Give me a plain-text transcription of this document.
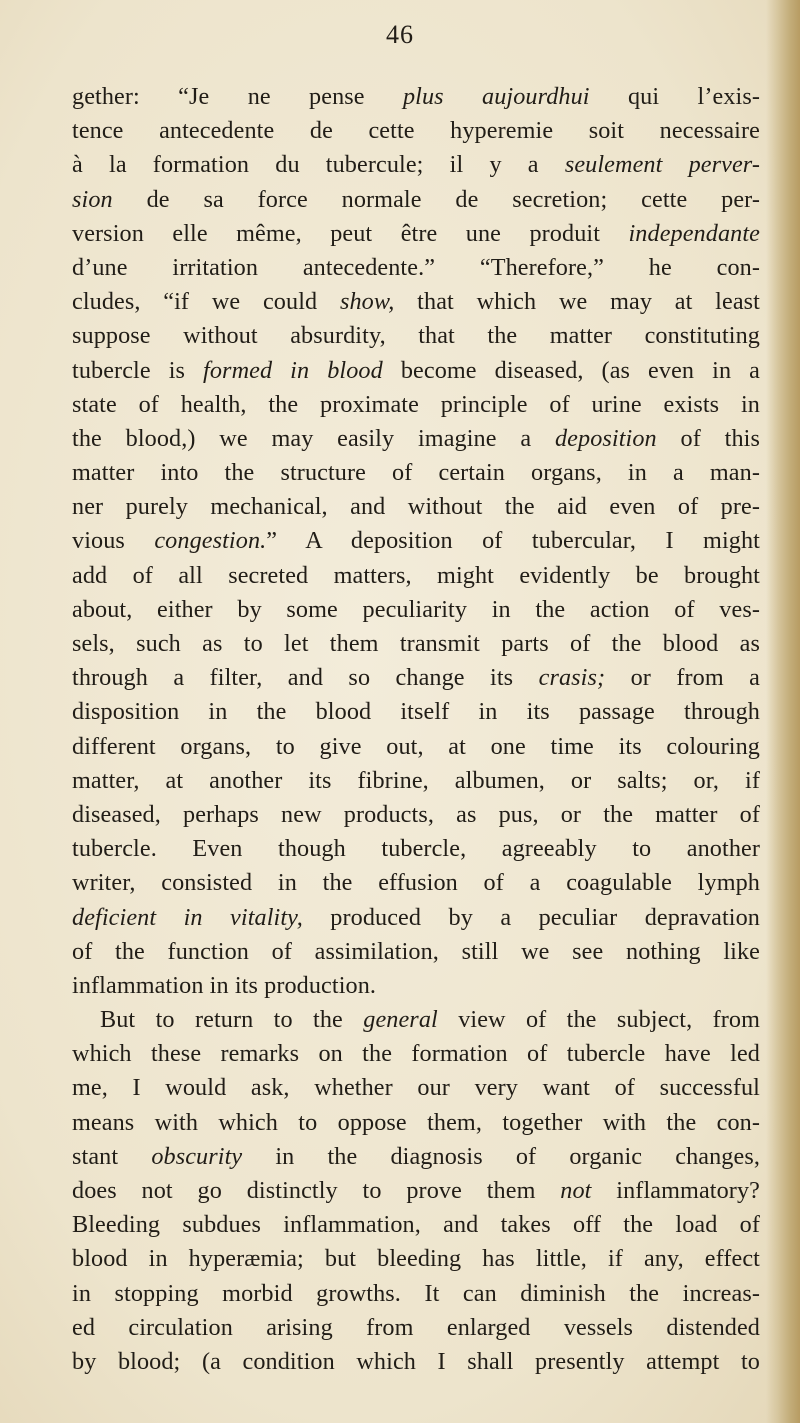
46
gether: “Je ne pense plus aujourdhui qui l’exis-
tence antecedente de cette hyperemie soit necessaire
à la formation du tubercule; il y a seulement perver-
sion de sa force normale de secretion; cette per-
version elle même, peut être une produit independante
d’une irritation antecedente.” “Therefore,” he con-
cludes, “if we could show, that which we may at least
suppose without absurdity, that the matter constituting
tubercle is formed in blood become diseased, (as even in a
state of health, the proximate principle of urine exists in
the blood,) we may easily imagine a deposition of this
matter into the structure of certain organs, in a man-
ner purely mechanical, and without the aid even of pre-
vious congestion.” A deposition of tubercular, I might
add of all secreted matters, might evidently be brought
about, either by some peculiarity in the action of ves-
sels, such as to let them transmit parts of the blood as
through a filter, and so change its crasis; or from a
disposition in the blood itself in its passage through
different organs, to give out, at one time its colouring
matter, at another its fibrine, albumen, or salts; or, if
diseased, perhaps new products, as pus, or the matter of
tubercle. Even though tubercle, agreeably to another
writer, consisted in the effusion of a coagulable lymph
deficient in vitality, produced by a peculiar depravation
of the function of assimilation, still we see nothing like
inflammation in its production.
But to return to the general view of the subject, from
which these remarks on the formation of tubercle have led
me, I would ask, whether our very want of successful
means with which to oppose them, together with the con-
stant obscurity in the diagnosis of organic changes,
does not go distinctly to prove them not inflammatory?
Bleeding subdues inflammation, and takes off the load of
blood in hyperæmia; but bleeding has little, if any, effect
in stopping morbid growths. It can diminish the increas-
ed circulation arising from enlarged vessels distended
by blood; (a condition which I shall presently attempt to
